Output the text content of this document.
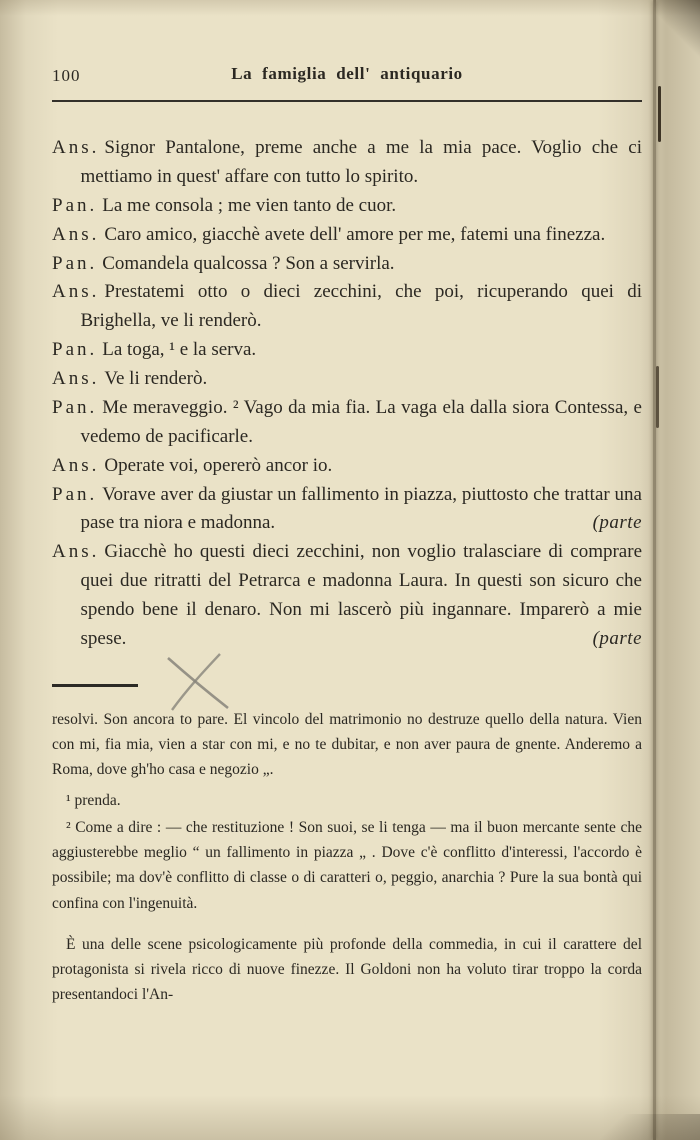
100	La famiglia dell' antiquario

Ans. Signor Pantalone, preme anche a me la mia pace. Voglio che ci mettiamo in quest' affare con tutto lo spirito.

Pan. La me consola ; me vien tanto de cuor.

Ans. Caro amico, giacchè avete dell' amore per me, fatemi una finezza.

Pan. Comandela qualcossa ? Son a servirla.

Ans. Prestatemi otto o dieci zecchini, che poi, ricuperando quei di Brighella, ve li renderò.

Pan. La toga, ¹ e la serva.

Ans. Ve li renderò.

Pan. Me meraveggio. ² Vago da mia fia. La vaga ela dalla siora Contessa, e vedemo de pacificarle.

Ans. Operate voi, opererò ancor io.

Pan. Vorave aver da giustar un fallimento in piazza, piuttosto che trattar una pase tra niora e madonna.	(parte

Ans. Giacchè ho questi dieci zecchini, non voglio tralasciare di comprare quei due ritratti del Petrarca e madonna Laura. In questi son sicuro che spendo bene il denaro. Non mi lascerò più ingannare. Imparerò a mie spese.	(parte

resolvi. Son ancora to pare. El vincolo del matrimonio no destruze quello della natura. Vien con mi, fia mia, vien a star con mi, e no te dubitar, e non aver paura de gnente. Anderemo a Roma, dove gh'ho casa e negozio „.

¹ prenda.

² Come a dire : — che restituzione ! Son suoi, se li tenga — ma il buon mercante sente che aggiusterebbe meglio “ un fallimento in piazza „ . Dove c'è conflitto d'interessi, l'accordo è possibile; ma dov'è conflitto di classe o di caratteri o, peggio, anarchia ? Pure la sua bontà qui confina con l'ingenuità.

È una delle scene psicologicamente più profonde della commedia, in cui il carattere del protagonista si rivela ricco di nuove finezze. Il Goldoni non ha voluto tirar troppo la corda presentandoci l'An-
